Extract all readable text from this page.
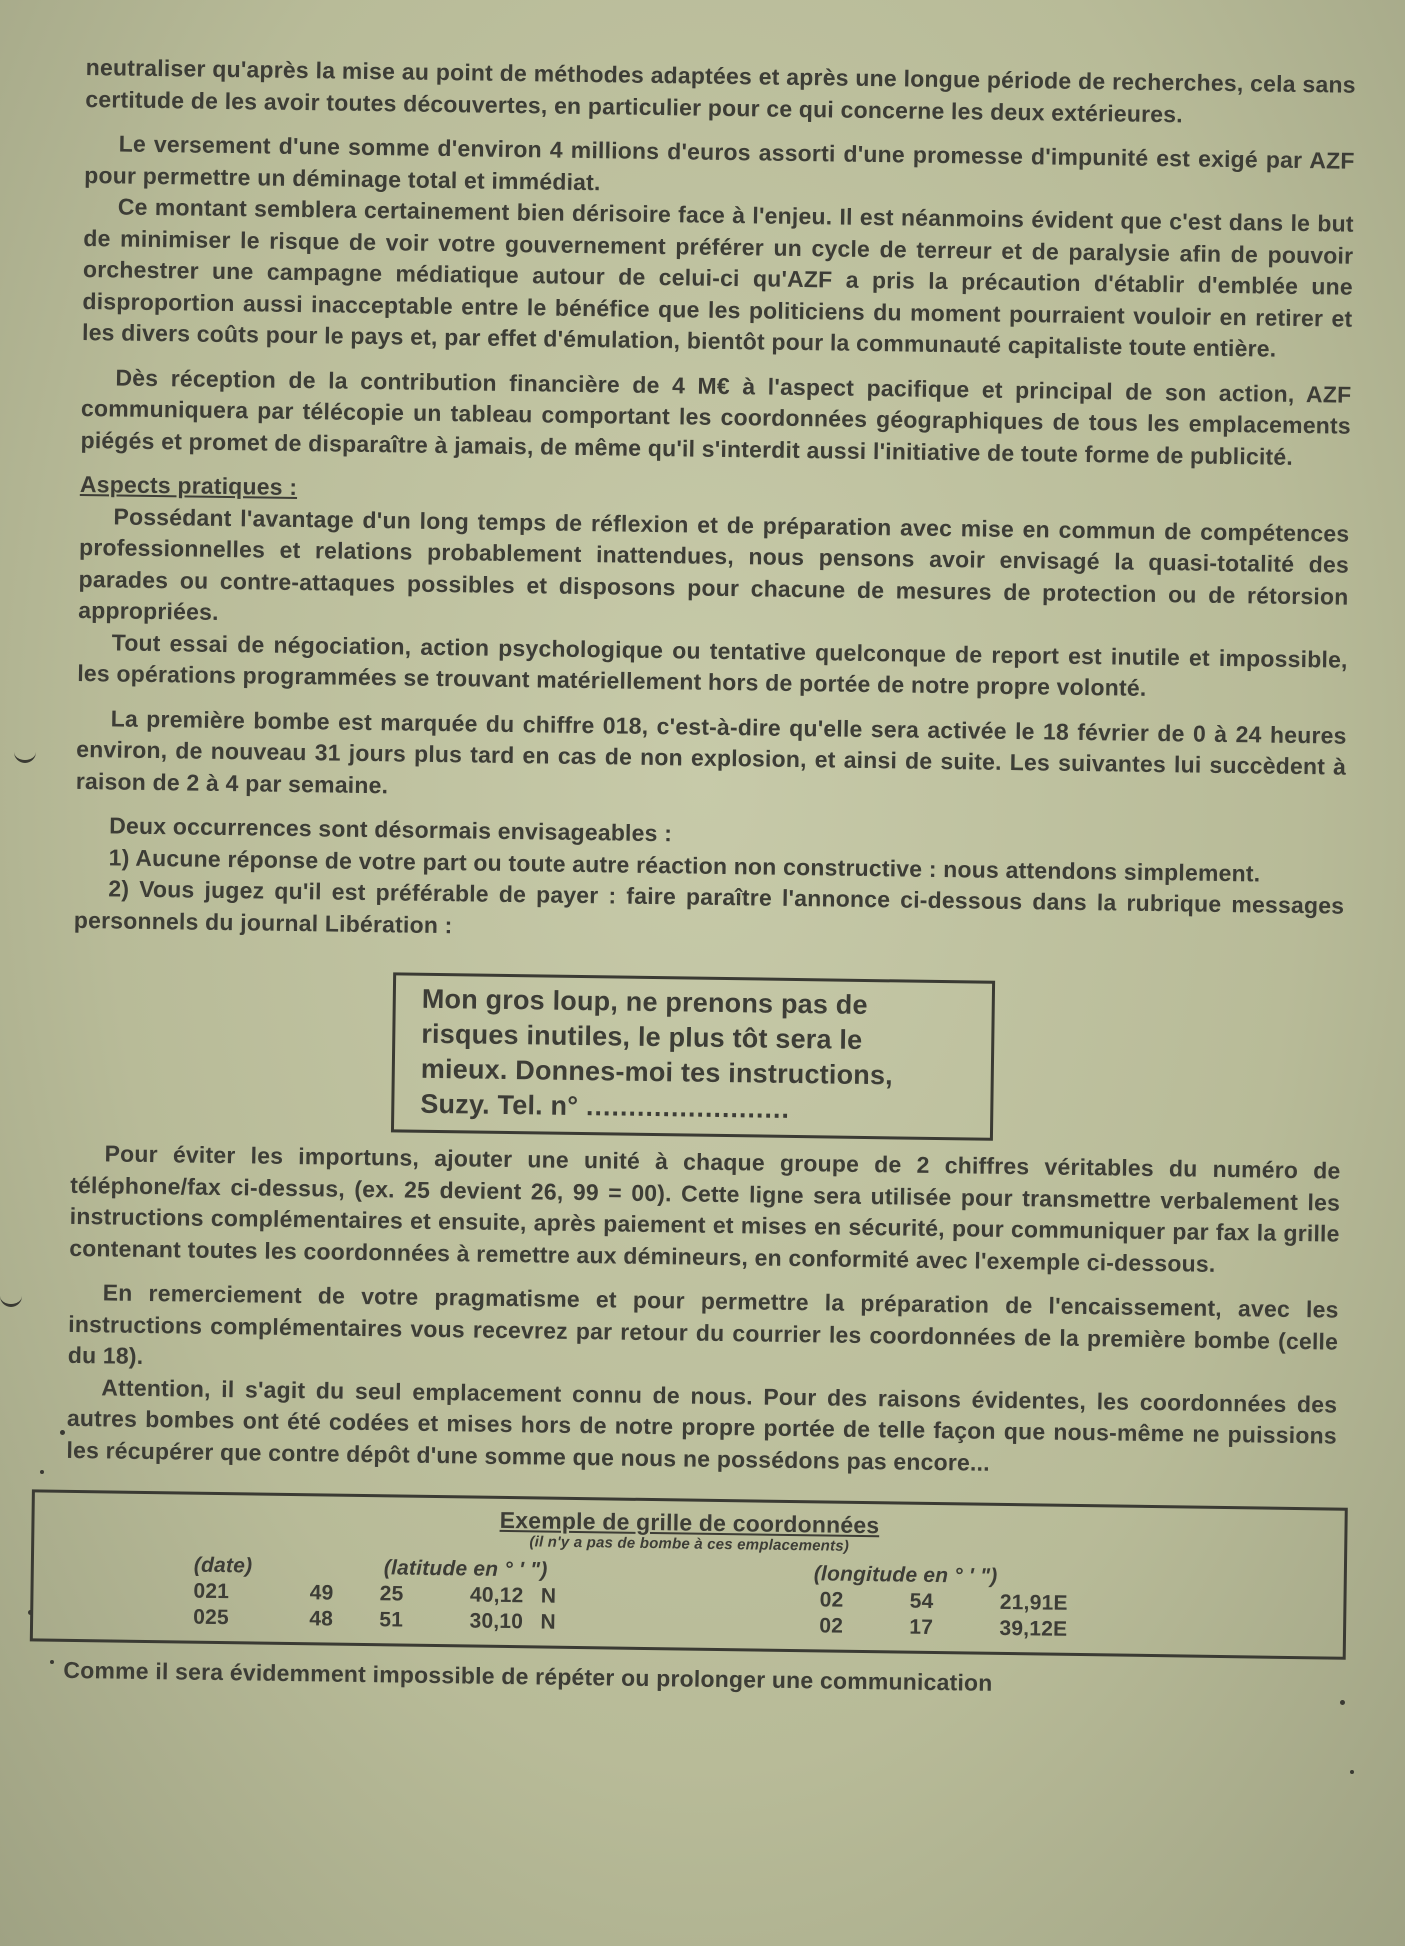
neutraliser qu'après la mise au point de méthodes adaptées et après une longue période de recherches, cela sans certitude de les avoir toutes découvertes, en particulier pour ce qui concerne les deux extérieures.

Le versement d'une somme d'environ 4 millions d'euros assorti d'une promesse d'impunité est exigé par AZF pour permettre un déminage total et immédiat.

Ce montant semblera certainement bien dérisoire face à l'enjeu. Il est néanmoins évident que c'est dans le but de minimiser le risque de voir votre gouvernement préférer un cycle de terreur et de paralysie afin de pouvoir orchestrer une campagne médiatique autour de celui-ci qu'AZF a pris la précaution d'établir d'emblée une disproportion aussi inacceptable entre le bénéfice que les politiciens du moment pourraient vouloir en retirer et les divers coûts pour le pays et, par effet d'émulation, bientôt pour la communauté capitaliste toute entière.

Dès réception de la contribution financière de 4 M€ à l'aspect pacifique et principal de son action, AZF communiquera par télécopie un tableau comportant les coordonnées géographiques de tous les emplacements piégés et promet de disparaître à jamais, de même qu'il s'interdit aussi l'initiative de toute forme de publicité.

Aspects pratiques :

Possédant l'avantage d'un long temps de réflexion et de préparation avec mise en commun de compétences professionnelles et relations probablement inattendues, nous pensons avoir envisagé la quasi-totalité des parades ou contre-attaques possibles et disposons pour chacune de mesures de protection ou de rétorsion appropriées.

Tout essai de négociation, action psychologique ou tentative quelconque de report est inutile et impossible, les opérations programmées se trouvant matériellement hors de portée de notre propre volonté.

La première bombe est marquée du chiffre 018, c'est-à-dire qu'elle sera activée le 18 février de 0 à 24 heures environ, de nouveau 31 jours plus tard en cas de non explosion, et ainsi de suite. Les suivantes lui succèdent à raison de 2 à 4 par semaine.

Deux occurrences sont désormais envisageables :

1) Aucune réponse de votre part ou toute autre réaction non constructive : nous attendons simplement.

2) Vous jugez qu'il est préférable de payer : faire paraître l'annonce ci-dessous dans la rubrique messages personnels du journal Libération :

Mon gros loup, ne prenons pas de
risques inutiles, le plus tôt sera le
mieux. Donnes-moi tes instructions,
Suzy. Tel. n° ........................

Pour éviter les importuns, ajouter une unité à chaque groupe de 2 chiffres véritables du numéro de téléphone/fax ci-dessus, (ex. 25 devient 26, 99 = 00). Cette ligne sera utilisée pour transmettre verbalement les instructions complémentaires et ensuite, après paiement et mises en sécurité, pour communiquer par fax la grille contenant toutes les coordonnées à remettre aux démineurs, en conformité avec l'exemple ci-dessous.

En remerciement de votre pragmatisme et pour permettre la préparation de l'encaissement, avec les instructions complémentaires vous recevrez par retour du courrier les coordonnées de la première bombe (celle du 18).

Attention, il s'agit du seul emplacement connu de nous. Pour des raisons évidentes, les coordonnées des autres bombes ont été codées et mises hors de notre propre portée de telle façon que nous-même ne puissions les récupérer que contre dépôt d'une somme que nous ne possédons pas encore...

Exemple de grille de coordonnées
(il n'y a pas de bombe à ces emplacements)
(date)	(latitude en ° ' ")	(longitude en ° ' ")
021	49	25	40,12 N	02	54	21,91 E
025	48	51	30,10 N	02	17	39,12 E

Comme il sera évidemment impossible de répéter ou prolonger une communication
